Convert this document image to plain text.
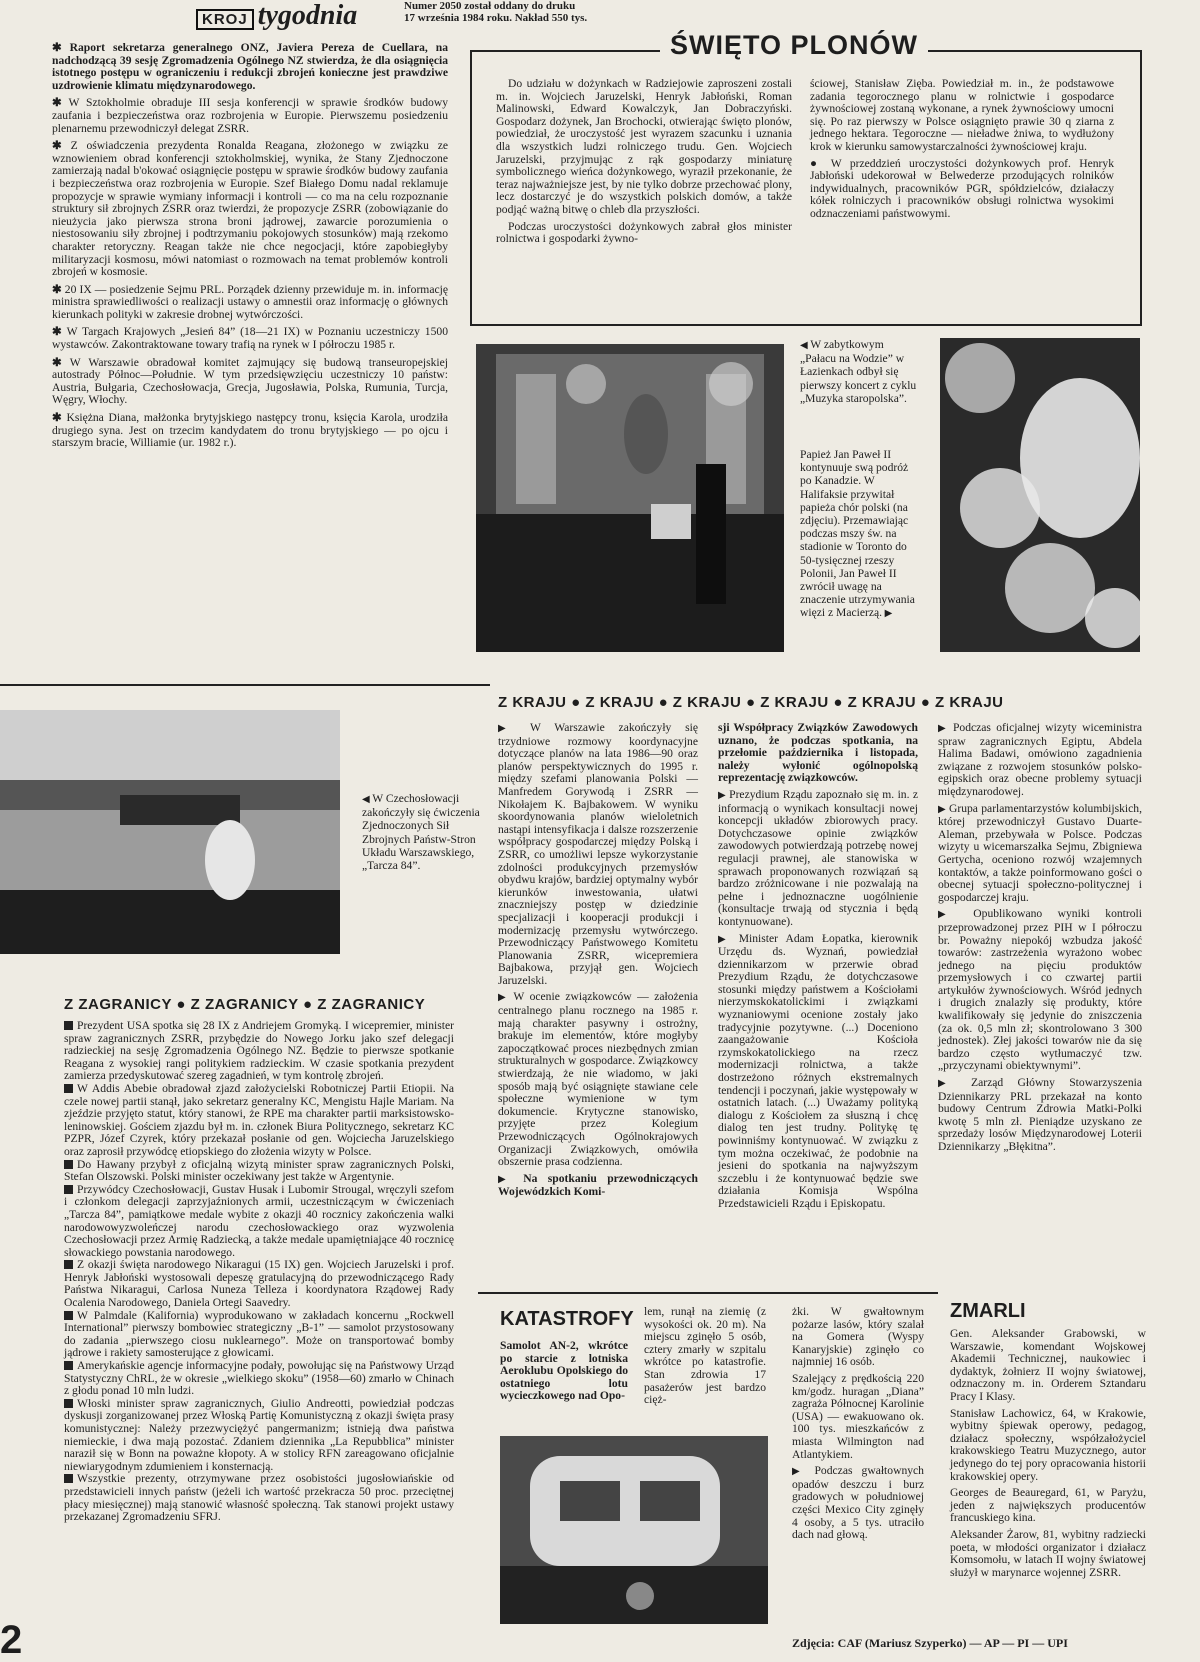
KROJ tygodnia	Numer 2050 został oddany do druku
17 września 1984 roku. Nakład 550 tys.

✱ Raport sekretarza generalnego ONZ, Javiera Pereza de Cuellara, na nadchodzącą 39 sesję Zgromadzenia Ogólnego NZ stwierdza, że dla osiągnięcia istotnego postępu w ograniczeniu i redukcji zbrojeń konieczne jest prawdziwe uzdrowienie klimatu międzynarodowego.

✱ W Sztokholmie obraduje III sesja konferencji w sprawie środków budowy zaufania i bezpieczeństwa oraz rozbrojenia w Europie. Pierwszemu posiedzeniu plenarnemu przewodniczył delegat ZSRR.

✱ Z oświadczenia prezydenta Ronalda Reagana, złożonego w związku ze wznowieniem obrad konferencji sztokholmskiej, wynika, że Stany Zjednoczone zamierzają nadal b'okować osiągnięcie postępu w sprawie środków budowy zaufania i bezpieczeństwa oraz rozbrojenia w Europie. Szef Białego Domu nadal reklamuje propozycje w sprawie wymiany informacji i kontroli — co ma na celu rozpoznanie struktury sił zbrojnych ZSRR oraz twierdzi, że propozycje ZSRR (zobowiązanie do nieużycia jako pierwsza strona broni jądrowej, zawarcie porozumienia o niestosowaniu siły zbrojnej i podtrzymaniu pokojowych stosunków) mają rzekomo charakter retoryczny. Reagan także nie chce negocjacji, które zapobiegłyby militaryzacji kosmosu, mówi natomiast o rozmowach na temat problemów kontroli zbrojeń w kosmosie.

✱ 20 IX — posiedzenie Sejmu PRL. Porządek dzienny przewiduje m. in. informację ministra sprawiedliwości o realizacji ustawy o amnestii oraz informację o głównych kierunkach polityki w zakresie drobnej wytwórczości.

✱ W Targach Krajowych „Jesień 84” (18—21 IX) w Poznaniu uczestniczy 1500 wystawców. Zakontraktowane towary trafią na rynek w I półroczu 1985 r.

✱ W Warszawie obradował komitet zajmujący się budową transeuropejskiej autostrady Północ—Południe. W tym przedsięwzięciu uczestniczy 10 państw: Austria, Bułgaria, Czechosłowacja, Grecja, Jugosławia, Polska, Rumunia, Turcja, Węgry, Włochy.

✱ Księżna Diana, małżonka brytyjskiego następcy tronu, księcia Karola, urodziła drugiego syna. Jest on trzecim kandydatem do tronu brytyjskiego — po ojcu i starszym bracie, Williamie (ur. 1982 r.).

ŚWIĘTO PLONÓW

Do udziału w dożynkach w Radziejowie zaproszeni zostali m. in. Wojciech Jaruzelski, Henryk Jabłoński, Roman Malinowski, Edward Kowalczyk, Jan Dobraczyński. Gospodarz dożynek, Jan Brochocki, otwierając święto plonów, powiedział, że uroczystość jest wyrazem szacunku i uznania dla wszystkich ludzi rolniczego trudu. Gen. Wojciech Jaruzelski, przyjmując z rąk gospodarzy miniaturę symbolicznego wieńca dożynkowego, wyraził przekonanie, że teraz najważniejsze jest, by nie tylko dobrze przechować plony, lecz dostarczyć je do wszystkich polskich domów, a także podjąć ważną bitwę o chleb dla przyszłości.

Podczas uroczystości dożynkowych zabrał głos minister rolnictwa i gospodarki żywno-

ściowej, Stanisław Zięba. Powiedział m. in., że podstawowe zadania tegorocznego planu w rolnictwie i gospodarce żywnościowej zostaną wykonane, a rynek żywnościowy umocni się. Po raz pierwszy w Polsce osiągnięto prawie 30 q ziarna z jednego hektara. Tegoroczne — nieładwe żniwa, to wydłużony krok w kierunku samowystarczalności żywnościowej kraju.

● W przeddzień uroczystości dożynkowych prof. Henryk Jabłoński udekorował w Belwederze przodujących rolników indywidualnych, pracowników PGR, spółdzielców, działaczy kółek rolniczych i pracowników obsługi rolnictwa wysokimi odznaczeniami państwowymi.

◀ W zabytkowym „Pałacu na Wodzie” w Łazienkach odbył się pierwszy koncert z cyklu „Muzyka staropolska”.
Papież Jan Paweł II kontynuuje swą podróż po Kanadzie. W Halifaksie przywitał papieża chór polski (na zdjęciu). Przemawiając podczas mszy św. na stadionie w Toronto do 50-tysięcznej rzeszy Polonii, Jan Paweł II zwrócił uwagę na znaczenie utrzymywania więzi z Macierzą. ▶
◀ W Czechosłowacji zakończyły się ćwiczenia Zjednoczonych Sił Zbrojnych Państw-Stron Układu Warszawskiego, „Tarcza 84”.
Z KRAJU ● Z KRAJU ● Z KRAJU ● Z KRAJU ● Z KRAJU ● Z KRAJU

▶ W Warszawie zakończyły się trzydniowe rozmowy koordynacyjne dotyczące planów na lata 1986—90 oraz planów perspektywicznych do 1995 r. między szefami planowania Polski — Manfredem Gorywodą i ZSRR — Nikołajem K. Bajbakowem. W wyniku skoordynowania planów wieloletnich nastąpi intensyfikacja i dalsze rozszerzenie współpracy gospodarczej między Polską i ZSRR, co umożliwi lepsze wykorzystanie zdolności produkcyjnych przemysłów obydwu krajów, bardziej optymalny wybór kierunków inwestowania, ułatwi znaczniejszy postęp w dziedzinie specjalizacji i kooperacji produkcji i modernizację przemysłu wytwórczego. Przewodniczący Państwowego Komitetu Planowania ZSRR, wicepremiera Bajbakowa, przyjął gen. Wojciech Jaruzelski.

▶ W ocenie związkowców — założenia centralnego planu rocznego na 1985 r. mają charakter pasywny i ostrożny, brakuje im elementów, które mogłyby zapoczątkować proces niezbędnych zmian strukturalnych w gospodarce. Związkowcy stwierdzają, że nie wiadomo, w jaki sposób mają być osiągnięte stawiane cele społeczne wymienione w tym dokumencie. Krytyczne stanowisko, przyjęte przez Kolegium Przewodniczących Ogólnokrajowych Organizacji Związkowych, omówiła obszernie prasa codzienna.

▶ Na spotkaniu przewodniczących Wojewódzkich Komi-

sji Współpracy Związków Zawodowych uznano, że podczas spotkania, na przełomie października i listopada, należy wyłonić ogólnopolską reprezentację związkowców.

▶ Prezydium Rządu zapoznało się m. in. z informacją o wynikach konsultacji nowej koncepcji układów zbiorowych pracy. Dotychczasowe opinie związków zawodowych potwierdzają potrzebę nowej regulacji prawnej, ale stanowiska w sprawach proponowanych rozwiązań są bardzo zróżnicowane i nie pozwalają na pełne i jednoznaczne uogólnienie (konsultacje trwają od stycznia i będą kontynuowane).

▶ Minister Adam Łopatka, kierownik Urzędu ds. Wyznań, powiedział dziennikarzom w przerwie obrad Prezydium Rządu, że dotychczasowe stosunki między państwem a Kościołami nierzymskokatolickimi i związkami wyznaniowymi ocenione zostały jako tradycyjnie pozytywne. (...) Doceniono zaangażowanie Kościoła rzymskokatolickiego na rzecz modernizacji rolnictwa, a także dostrzeżono różnych ekstremalnych tendencji i poczynań, jakie występowały w ostatnich latach. (...) Uważamy polityką dialogu z Kościołem za słuszną i chcę dialog ten jest trudny. Politykę tę powinniśmy kontynuować. W związku z tym można oczekiwać, że podobnie na jesieni do spotkania na najwyższym szczeblu i że kontynuować będzie swe działania Komisja Wspólna Przedstawicieli Rządu i Episkopatu.

▶ Podczas oficjalnej wizyty wiceministra spraw zagranicznych Egiptu, Abdela Halima Badawi, omówiono zagadnienia związane z rozwojem stosunków polsko-egipskich oraz obecne problemy sytuacji międzynarodowej.

▶ Grupa parlamentarzystów kolumbijskich, której przewodniczył Gustavo Duarte-Aleman, przebywała w Polsce. Podczas wizyty u wicemarszałka Sejmu, Zbigniewa Gertycha, oceniono rozwój wzajemnych kontaktów, a także poinformowano gości o obecnej sytuacji społeczno-politycznej i gospodarczej kraju.

▶ Opublikowano wyniki kontroli przeprowadzonej przez PIH w I półroczu br. Poważny niepokój wzbudza jakość towarów: zastrzeżenia wyrażono wobec jednego na pięciu produktów przemysłowych i co czwartej partii artykułów żywnościowych. Wśród jednych i drugich znalazły się produkty, które kwalifikowały się jedynie do zniszczenia (za ok. 0,5 mln zł; skontrolowano 3 300 jednostek). Złej jakości towarów nie da się bardzo często wytłumaczyć tzw. „przyczynami obiektywnymi”.

▶ Zarząd Główny Stowarzyszenia Dziennikarzy PRL przekazał na konto budowy Centrum Zdrowia Matki-Polki kwotę 5 mln zł. Pieniądze uzyskano ze sprzedaży losów Międzynarodowej Loterii Dziennikarzy „Błękitna”.

Z ZAGRANICY ● Z ZAGRANICY ● Z ZAGRANICY

Prezydent USA spotka się 28 IX z Andriejem Gromyką. I wicepremier, minister spraw zagranicznych ZSRR, przybędzie do Nowego Jorku jako szef delegacji radzieckiej na sesję Zgromadzenia Ogólnego NZ. Będzie to pierwsze spotkanie Reagana z wysokiej rangi politykiem radzieckim. W czasie spotkania prezydent zamierza przedyskutować szereg zagadnień, w tym kontrolę zbrojeń.

W Addis Abebie obradował zjazd założycielski Robotniczej Partii Etiopii. Na czele nowej partii stanął, jako sekretarz generalny KC, Mengistu Hajle Mariam. Na zjeździe przyjęto statut, który stanowi, że RPE ma charakter partii marksistowsko-leninowskiej. Gościem zjazdu był m. in. członek Biura Politycznego, sekretarz KC PZPR, Józef Czyrek, który przekazał posłanie od gen. Wojciecha Jaruzelskiego oraz zaprosił przywódcę etiopskiego do złożenia wizyty w Polsce.

Do Hawany przybył z oficjalną wizytą minister spraw zagranicznych Polski, Stefan Olszowski. Polski minister oczekiwany jest także w Argentynie.

Przywódcy Czechosłowacji, Gustav Husak i Lubomir Strougal, wręczyli szefom i członkom delegacji zaprzyjaźnionych armii, uczestniczącym w ćwiczeniach „Tarcza 84”, pamiątkowe medale wybite z okazji 40 rocznicy zakończenia walki narodowowyzwoleńczej narodu czechosłowackiego oraz wyzwolenia Czechosłowacji przez Armię Radziecką, a także medale upamiętniające 40 rocznicę słowackiego powstania narodowego.

Z okazji święta narodowego Nikaragui (15 IX) gen. Wojciech Jaruzelski i prof. Henryk Jabłoński wystosowali depeszę gratulacyjną do przewodniczącego Rady Państwa Nikaragui, Carlosa Nuneza Telleza i koordynatora Rządowej Rady Ocalenia Narodowego, Daniela Ortegi Saavedry.

W Palmdale (Kalifornia) wyprodukowano w zakładach koncernu „Rockwell International” pierwszy bombowiec strategiczny „B-1” — samolot przystosowany do zadania „pierwszego ciosu nuklearnego”. Może on transportować bomby jądrowe i rakiety samosterujące z głowicami.

Amerykańskie agencje informacyjne podały, powołując się na Państwowy Urząd Statystyczny ChRL, że w okresie „wielkiego skoku” (1958—60) zmarło w Chinach z głodu ponad 10 mln ludzi.

Włoski minister spraw zagranicznych, Giulio Andreotti, powiedział podczas dyskusji zorganizowanej przez Włoską Partię Komunistyczną z okazji święta prasy komunistycznej: Należy przezwyciężyć pangermanizm; istnieją dwa państwa niemieckie, i dwa mają pozostać. Zdaniem dziennika „La Repubblica” minister naraził się w Bonn na poważne kłopoty. A w stolicy RFN zareagowano oficjalnie niewiarygodnym zdumieniem i konsternacją.

Wszystkie prezenty, otrzymywane przez osobistości jugosłowiańskie od przedstawicieli innych państw (jeżeli ich wartość przekracza 50 proc. przeciętnej płacy miesięcznej) mają stanowić własność społeczną. Tak stanowi projekt ustawy przekazanej Zgromadzeniu SFRJ.

KATASTROFY

Samolot AN-2, wkrótce po starcie z lotniska Aeroklubu Opolskiego do ostatniego lotu wycieczkowego nad Opo-

lem, runął na ziemię (z wysokości ok. 20 m). Na miejscu zginęło 5 osób, cztery zmarły w szpitalu wkrótce po katastrofie. Stan zdrowia 17 pasażerów jest bardzo cięż-

żki. W gwałtownym pożarze lasów, który szalał na Gomera (Wyspy Kanaryjskie) zginęło co najmniej 16 osób.

Szalejący z prędkością 220 km/godz. huragan „Diana” zagraża Północnej Karolinie (USA) — ewakuowano ok. 100 tys. mieszkańców z miasta Wilmington nad Atlantykiem.

▶ Podczas gwałtownych opadów deszczu i burz gradowych w południowej części Mexico City zginęły 4 osoby, a 5 tys. utraciło dach nad głową.

ZMARLI

Gen. Aleksander Grabowski, w Warszawie, komendant Wojskowej Akademii Technicznej, naukowiec i dydaktyk, żołnierz II wojny światowej, odznaczony m. in. Orderem Sztandaru Pracy I Klasy.

Stanisław Lachowicz, 64, w Krakowie, wybitny śpiewak operowy, pedagog, działacz społeczny, współzałożyciel krakowskiego Teatru Muzycznego, autor jedynego do tej pory opracowania historii krakowskiej opery.

Georges de Beauregard, 61, w Paryżu, jeden z największych producentów francuskiego kina.

Aleksander Żarow, 81, wybitny radziecki poeta, w młodości organizator i działacz Komsomołu, w latach II wojny światowej służył w marynarce wojennej ZSRR.

Zdjęcia: CAF (Mariusz Szyperko) — AP — PI — UPI
2
